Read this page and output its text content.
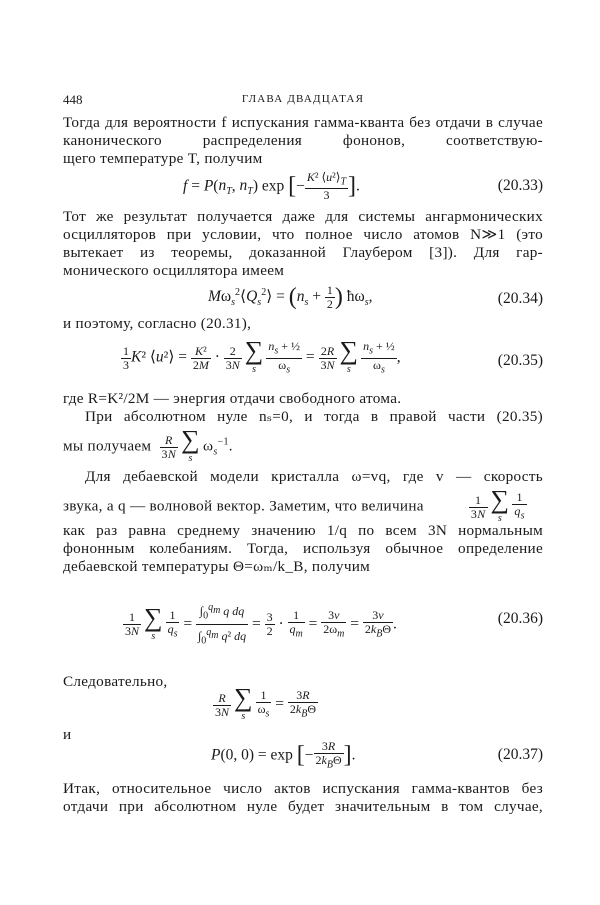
448	ГЛАВА ДВАДЦАТАЯ
Тогда для вероятности f испускания гамма-кванта без отдачи в случае канонического распределения фононов, соответствую-
щего температуре T, получим
$f = P(n_T$, $n_T$) exp [− $\frac{K^2 ⟨u^2⟩_T}{3}$ ].	(20.33)
Тот же результат получается даже для системы ангармонических осцилляторов при условии, что полное число атомов N≫1 (это вытекает из теоремы, доказанной Глаубером [3]). Для гар-
монического осциллятора имеем
$M\omega_s^2⟨Q_s^2⟩ = (n_s + \frac{1}{2}$ ) $ħ\omega_s$,	(20.34)
и поэтому, согласно (20.31),
$\frac{1}{3} K^2$ ⟨u²⟩ = $\frac{\text{K²}}{2M} \cdot \frac{2}{3N}$ ∑
s $\frac{n_s + \frac{1}{2}}{\omega_s} = \frac{2R}{3N}$ ∑
s $\frac{n_s + \frac{1}{2}}{\omega_s}$ ,	(20.35)
где R=K²/2M — энергия отдачи свободного атома.
При абсолютном нуле nₛ=0, и тогда в правой части (20.35)
мы получаем $\frac{R}{3N}$ ∑
s
$\omega_s^{-1}$.
Для дебаевской модели кристалла ω=vq, где v — скорость
звука, а q — волновой вектор. Заметим, что величина	$\frac{1}{3N}$ ∑
s $\frac{1}{q_s}$
как раз равна среднему значению 1/q по всем 3N нормальным фононным колебаниям. Тогда, используя обычное определение
дебаевской температуры Θ=ωₘ/k_B, получим
$\frac{1}{3N}$ ∑
s $\frac{1}{q_s} = \frac{\int_0^{q_m} q dq}{\int_0^{q_m} q^2 dq} = \frac{3}{2} \cdot \frac{1}{q_m} = \frac{3v}{2\omega_m} = \frac{3v}{2k_B\Theta}$ .	(20.36)
Следовательно,
$\frac{R}{3N}$ ∑
s $\frac{1}{\omega_s} = \frac{3R}{2k_B\Theta}$
и
P(0, 0) = exp [− $\frac{3R}{2k_B\Theta}$ ].	(20.37)
Итак, относительное число актов испускания гамма-квантов без
отдачи при абсолютном нуле будет значительным в том случае,
